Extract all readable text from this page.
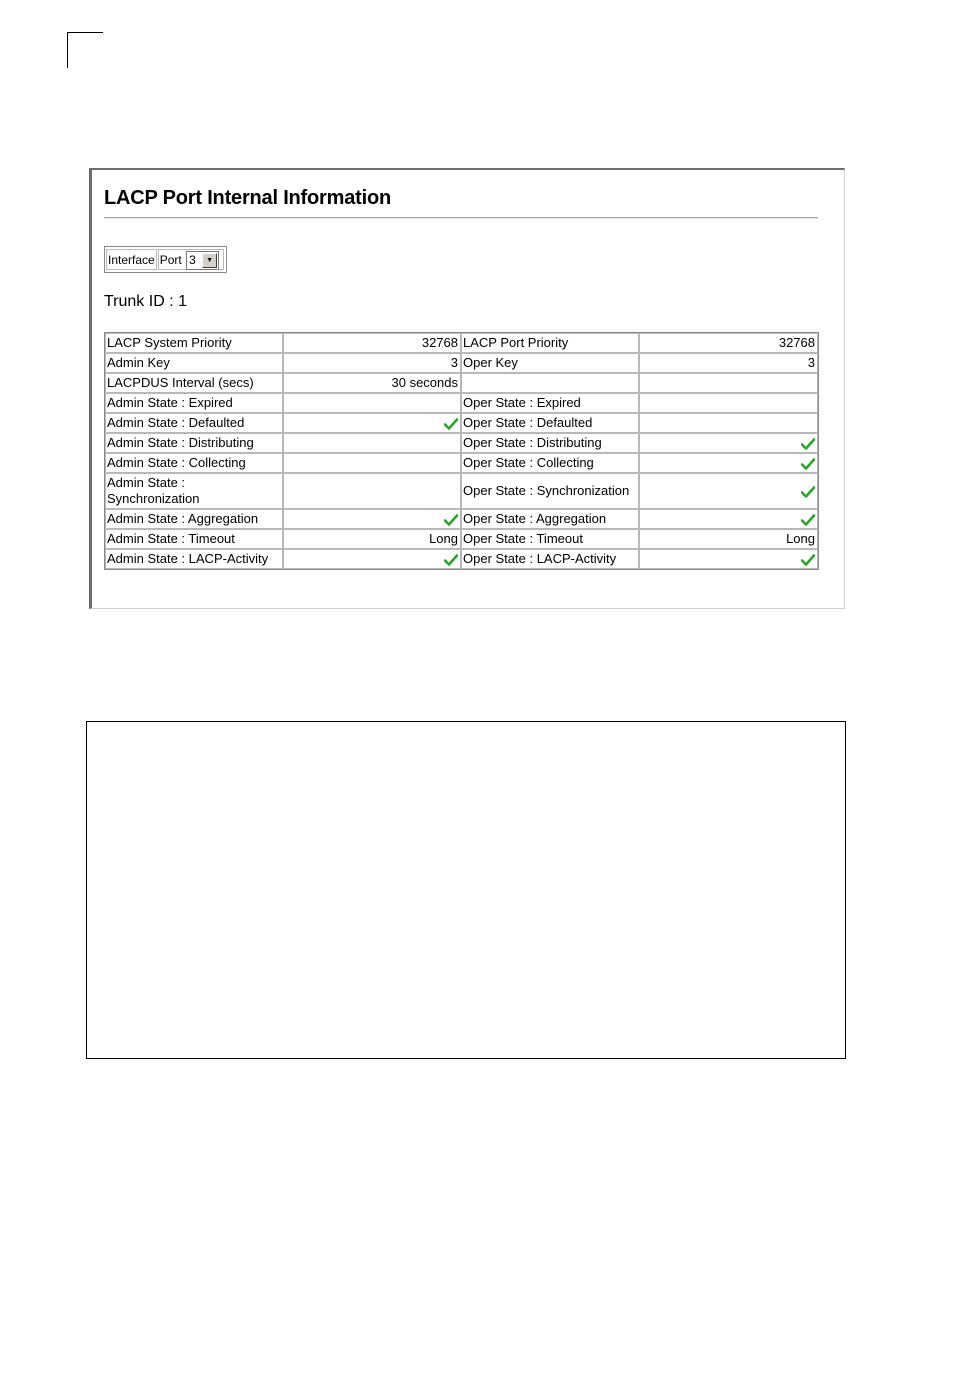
LACP Port Internal Information
Interface Port 3	▼
Trunk ID : 1
LACP System Priority	32768	LACP Port Priority	32768
Admin Key	3	Oper Key	3
LACPDUS Interval (secs)	30 seconds		
Admin State : Expired		Oper State : Expired	
Admin State : Defaulted		Oper State : Defaulted	
Admin State : Distributing		Oper State : Distributing	
Admin State : Collecting		Oper State : Collecting	
Admin State : Synchronization		Oper State : Synchronization	
Admin State : Aggregation		Oper State : Aggregation	
Admin State : Timeout	Long	Oper State : Timeout	Long
Admin State : LACP-Activity		Oper State : LACP-Activity	
